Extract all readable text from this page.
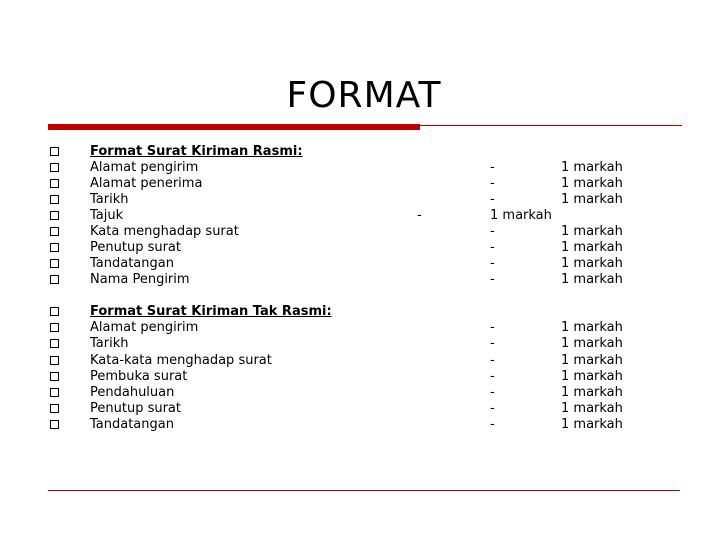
FORMAT
Format Surat Kiriman Rasmi:
Alamat pengirim	-	1 markah
Alamat penerima	-	1 markah
Tarikh	-	1 markah
Tajuk	-	1 markah
Kata menghadap surat	-	1 markah
Penutup surat	-	1 markah
Tandatangan	-	1 markah
Nama Pengirim	-	1 markah
Format Surat Kiriman Tak Rasmi:
Alamat pengirim	-	1 markah
Tarikh	-	1 markah
Kata-kata menghadap surat	-	1 markah
Pembuka surat	-	1 markah
Pendahuluan	-	1 markah
Penutup surat	-	1 markah
Tandatangan	-	1 markah
